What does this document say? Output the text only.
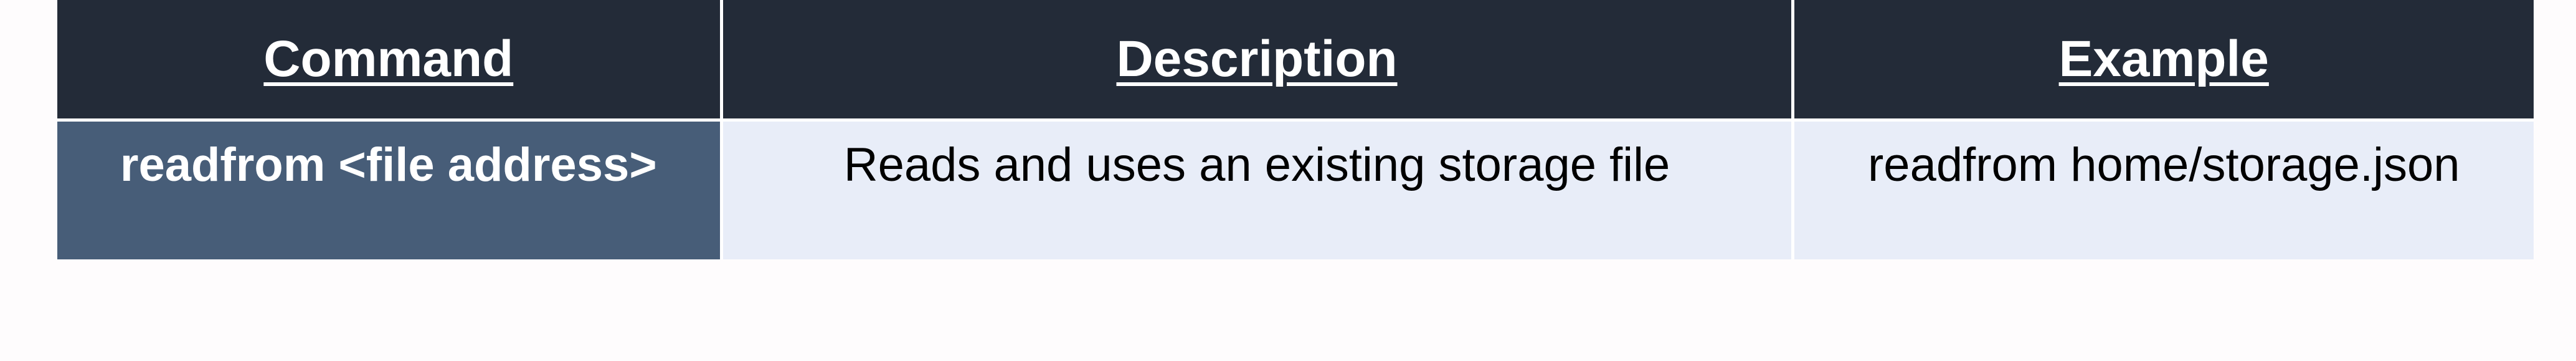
Command	Description	Example
readfrom <file address>	Reads and uses an existing storage file	readfrom home/storage.json
